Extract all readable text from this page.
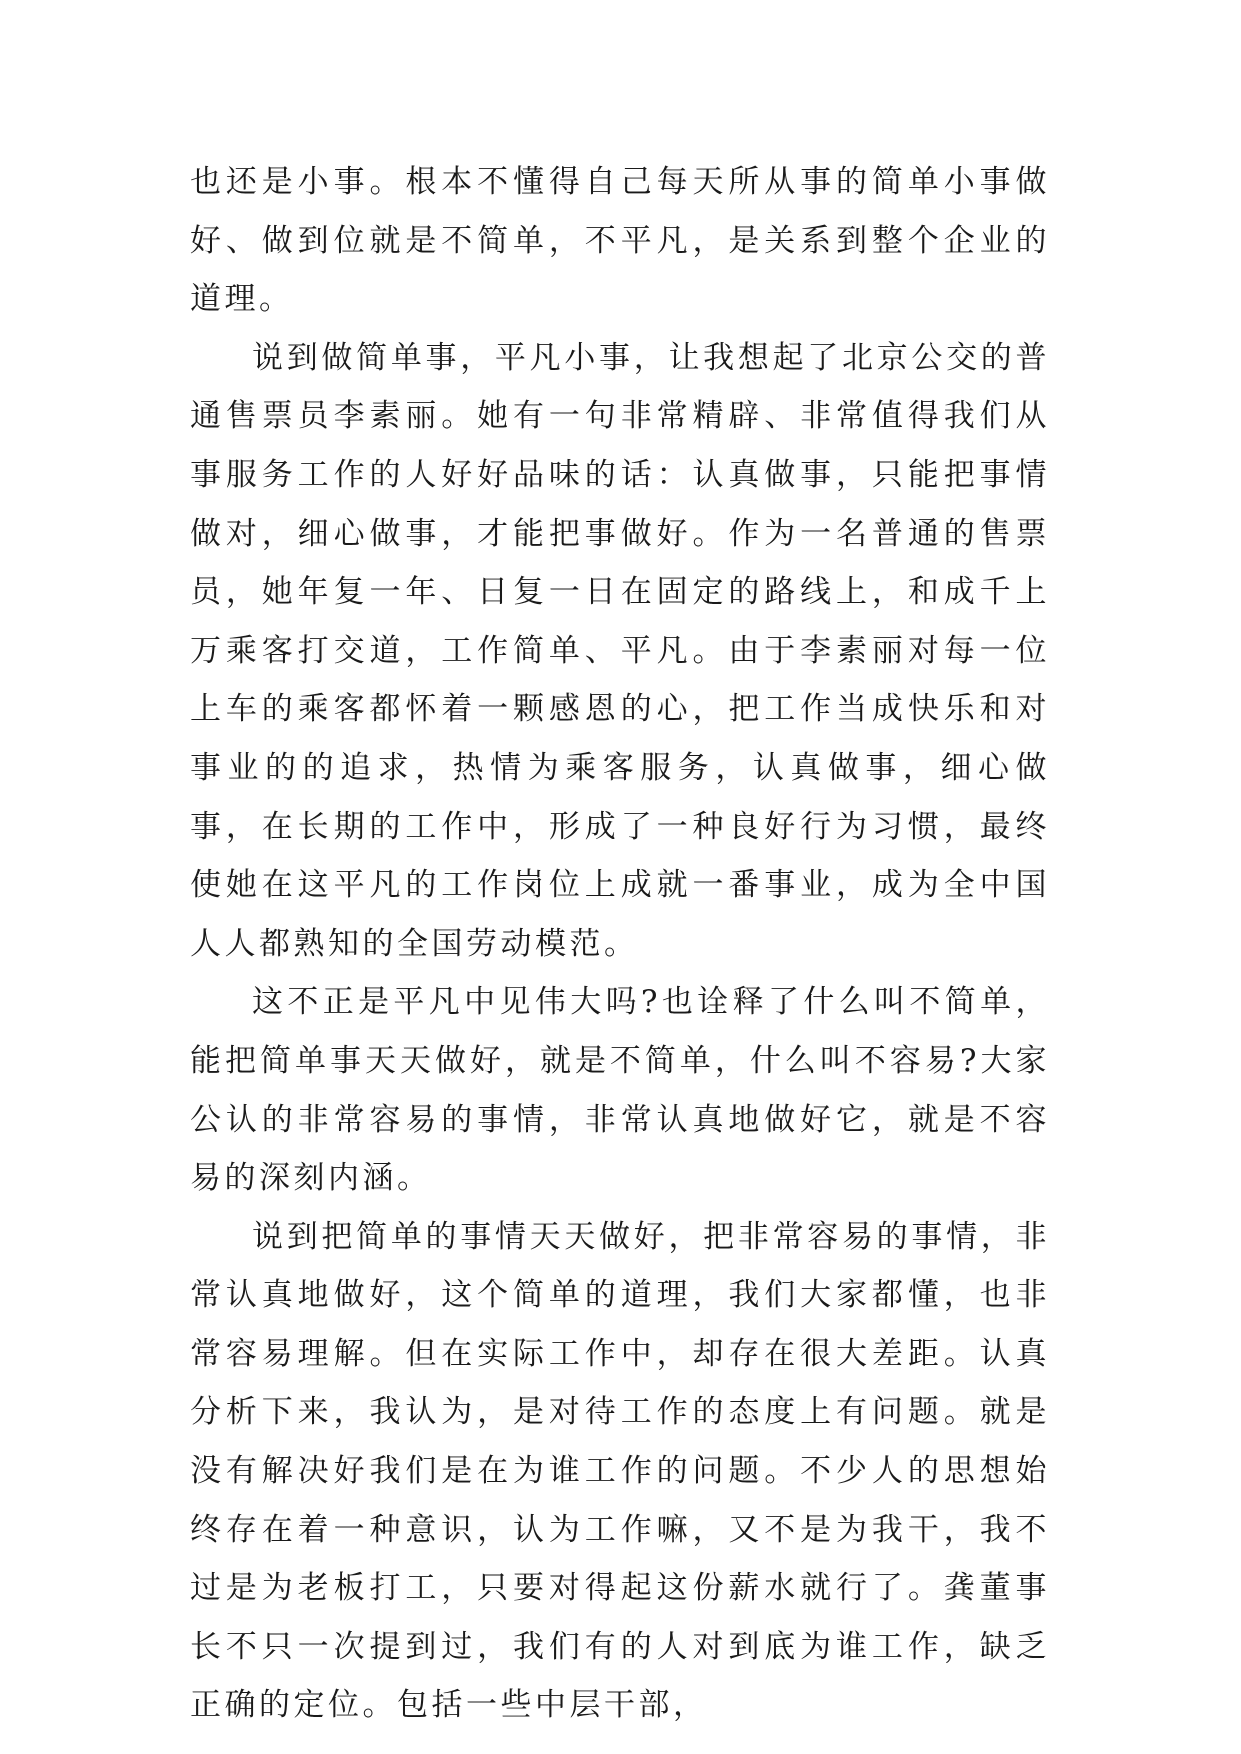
也还是小事。根本不懂得自己每天所从事的简单小事做好、做到位就是不简单，不平凡，是关系到整个企业的道理。

说到做简单事，平凡小事，让我想起了北京公交的普通售票员李素丽。她有一句非常精辟、非常值得我们从事服务工作的人好好品味的话：认真做事，只能把事情做对，细心做事，才能把事做好。作为一名普通的售票员，她年复一年、日复一日在固定的路线上，和成千上万乘客打交道，工作简单、平凡。由于李素丽对每一位上车的乘客都怀着一颗感恩的心，把工作当成快乐和对事业的的追求，热情为乘客服务，认真做事，细心做事，在长期的工作中，形成了一种良好行为习惯，最终使她在这平凡的工作岗位上成就一番事业，成为全中国人人都熟知的全国劳动模范。

这不正是平凡中见伟大吗?也诠释了什么叫不简单，能把简单事天天做好，就是不简单，什么叫不容易?大家公认的非常容易的事情，非常认真地做好它，就是不容易的深刻内涵。

说到把简单的事情天天做好，把非常容易的事情，非常认真地做好，这个简单的道理，我们大家都懂，也非常容易理解。但在实际工作中，却存在很大差距。认真分析下来，我认为，是对待工作的态度上有问题。就是没有解决好我们是在为谁工作的问题。不少人的思想始终存在着一种意识，认为工作嘛，又不是为我干，我不过是为老板打工，只要对得起这份薪水就行了。龚董事长不只一次提到过，我们有的人对到底为谁工作，缺乏正确的定位。包括一些中层干部，
